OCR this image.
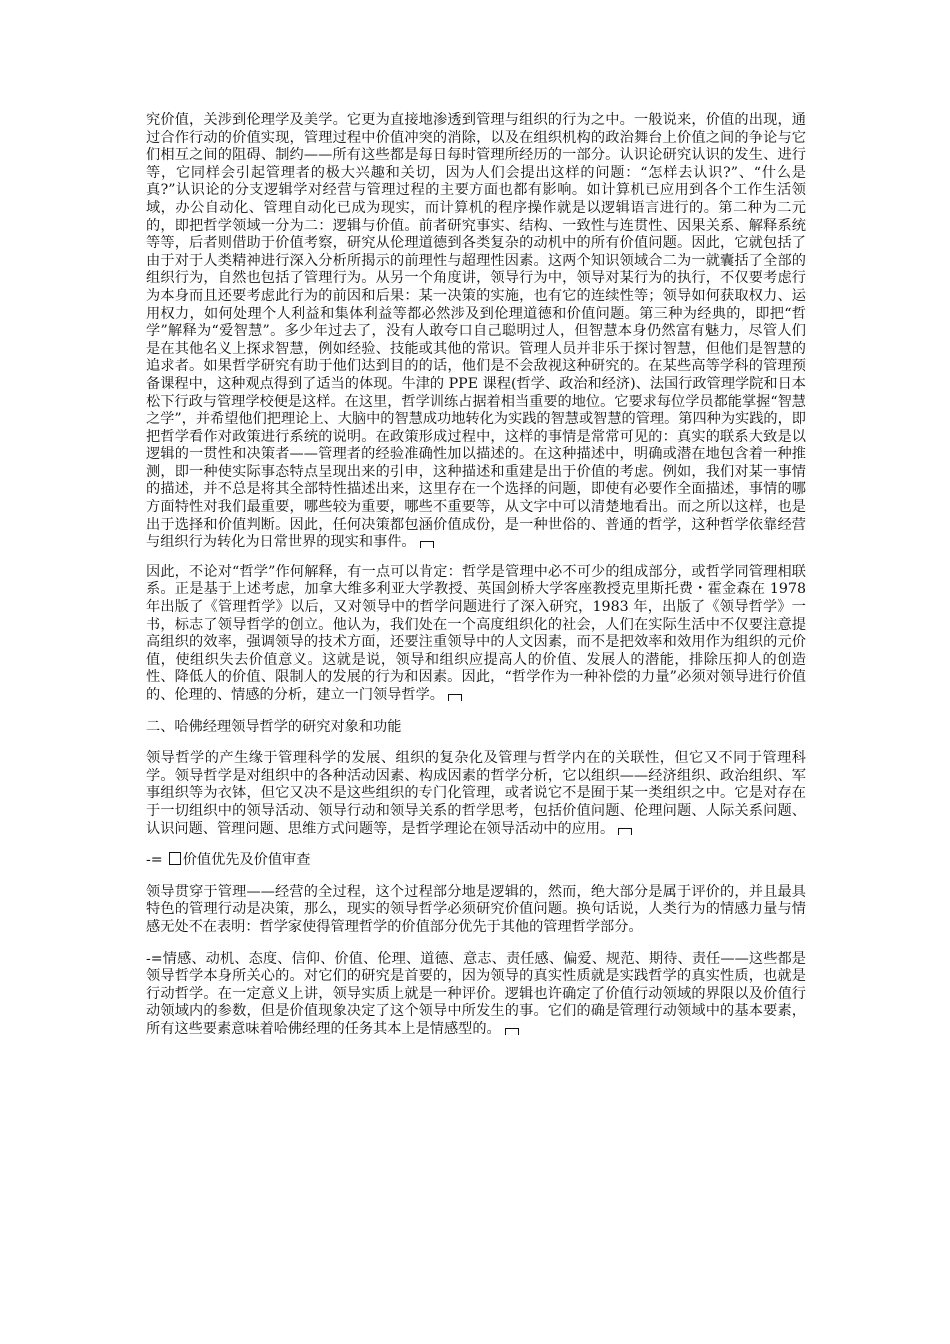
究价值，关涉到伦理学及美学。它更为直接地渗透到管理与组织的行为之中。一般说来，价值的出现，通过合作行动的价值实现，管理过程中价值冲突的消除，以及在组织机构的政治舞台上价值之间的争论与它们相互之间的阻碍、制约——所有这些都是每日每时管理所经历的一部分。认识论研究认识的发生、进行等，它同样会引起管理者的极大兴趣和关切，因为人们会提出这样的问题：“怎样去认识?”、“什么是真?”认识论的分支逻辑学对经营与管理过程的主要方面也都有影响。如计算机已应用到各个工作生活领域，办公自动化、管理自动化已成为现实，而计算机的程序操作就是以逻辑语言进行的。第二种为二元的，即把哲学领域一分为二：逻辑与价值。前者研究事实、结构、一致性与连贯性、因果关系、解释系统等等，后者则借助于价值考察，研究从伦理道德到各类复杂的动机中的所有价值问题。因此，它就包括了由于对于人类精神进行深入分析所揭示的前理性与超理性因素。这两个知识领域合二为一就囊括了全部的组织行为，自然也包括了管理行为。从另一个角度讲，领导行为中，领导对某行为的执行，不仅要考虑行为本身而且还要考虑此行为的前因和后果：某一决策的实施，也有它的连续性等；领导如何获取权力、运用权力，如何处理个人利益和集体利益等都必然涉及到伦理道德和价值问题。第三种为经典的，即把“哲学”解释为“爱智慧”。多少年过去了，没有人敢夸口自己聪明过人，但智慧本身仍然富有魅力，尽管人们是在其他名义上探求智慧，例如经验、技能或其他的常识。管理人员并非乐于探讨智慧，但他们是智慧的追求者。如果哲学研究有助于他们达到目的的话，他们是不会敌视这种研究的。在某些高等学科的管理预备课程中，这种观点得到了适当的体现。牛津的 PPE 课程(哲学、政治和经济)、法国行政管理学院和日本松下行政与管理学校便是这样。在这里，哲学训练占据着相当重要的地位。它要求每位学员都能掌握“智慧之学”，并希望他们把理论上、大脑中的智慧成功地转化为实践的智慧或智慧的管理。第四种为实践的，即把哲学看作对政策进行系统的说明。在政策形成过程中，这样的事情是常常可见的：真实的联系大致是以逻辑的一贯性和决策者——管理者的经验准确性加以描述的。在这种描述中，明确或潜在地包含着一种推测，即一种使实际事态特点呈现出来的引申，这种描述和重建是出于价值的考虑。例如，我们对某一事情的描述，并不总是将其全部特性描述出来，这里存在一个选择的问题，即使有必要作全面描述，事情的哪方面特性对我们最重要，哪些较为重要，哪些不重要等，从文字中可以清楚地看出。而之所以这样，也是出于选择和价值判断。因此，任何决策都包涵价值成份，是一种世俗的、普通的哲学，这种哲学依靠经营与组织行为转化为日常世界的现实和事件。

因此，不论对“哲学”作何解释，有一点可以肯定：哲学是管理中必不可少的组成部分，或哲学同管理相联系。正是基于上述考虑，加拿大维多利亚大学教授、英国剑桥大学客座教授克里斯托费・霍金森在 1978 年出版了《管理哲学》以后，又对领导中的哲学问题进行了深入研究，1983 年，出版了《领导哲学》一书，标志了领导哲学的创立。他认为，我们处在一个高度组织化的社会，人们在实际生活中不仅要注意提高组织的效率，强调领导的技术方面，还要注重领导中的人文因素，而不是把效率和效用作为组织的元价值，使组织失去价值意义。这就是说，领导和组织应提高人的价值、发展人的潜能，排除压抑人的创造性、降低人的价值、限制人的发展的行为和因素。因此，“哲学作为一种补偿的力量”必须对领导进行价值的、伦理的、情感的分析，建立一门领导哲学。

二、哈佛经理领导哲学的研究对象和功能

领导哲学的产生缘于管理科学的发展、组织的复杂化及管理与哲学内在的关联性，但它又不同于管理科学。领导哲学是对组织中的各种活动因素、构成因素的哲学分析，它以组织——经济组织、政治组织、军事组织等为衣钵，但它又决不是这些组织的专门化管理，或者说它不是囿于某一类组织之中。它是对存在于一切组织中的领导活动、领导行动和领导关系的哲学思考，包括价值问题、伦理问题、人际关系问题、认识问题、管理问题、思维方式问题等，是哲学理论在领导活动中的应用。

-= 价值优先及价值审查

领导贯穿于管理——经营的全过程，这个过程部分地是逻辑的，然而，绝大部分是属于评价的，并且最具特色的管理行动是决策，那么，现实的领导哲学必须研究价值问题。换句话说，人类行为的情感力量与情感无处不在表明：哲学家使得管理哲学的价值部分优先于其他的管理哲学部分。

-=情感、动机、态度、信仰、价值、伦理、道德、意志、责任感、偏爱、规范、期待、责任——这些都是领导哲学本身所关心的。对它们的研究是首要的，因为领导的真实性质就是实践哲学的真实性质，也就是行动哲学。在一定意义上讲，领导实质上就是一种评价。逻辑也许确定了价值行动领域的界限以及价值行动领域内的参数，但是价值现象决定了这个领导中所发生的事。它们的确是管理行动领域中的基本要素，所有这些要素意味着哈佛经理的任务其本上是情感型的。
